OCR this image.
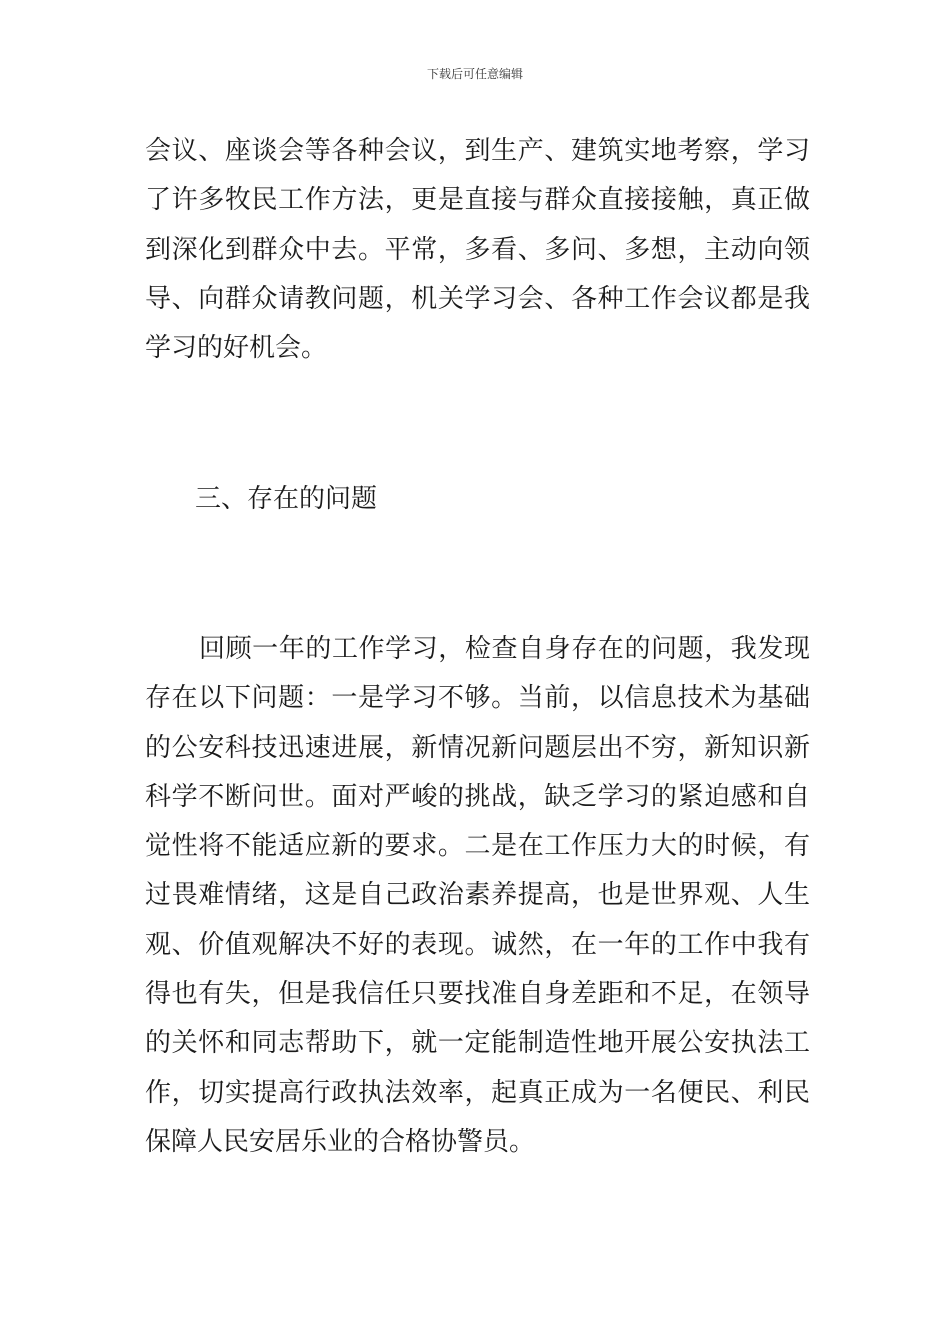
下载后可任意编辑
会议、座谈会等各种会议，到生产、建筑实地考察，学习
了许多牧民工作方法，更是直接与群众直接接触，真正做
到深化到群众中去。平常，多看、多问、多想，主动向领
导、向群众请教问题，机关学习会、各种工作会议都是我
学习的好机会。
三、存在的问题
回顾一年的工作学习，检查自身存在的问题，我发现
存在以下问题：一是学习不够。当前，以信息技术为基础
的公安科技迅速进展，新情况新问题层出不穷，新知识新
科学不断问世。面对严峻的挑战，缺乏学习的紧迫感和自
觉性将不能适应新的要求。二是在工作压力大的时候，有
过畏难情绪，这是自己政治素养提高，也是世界观、人生
观、价值观解决不好的表现。诚然，在一年的工作中我有
得也有失，但是我信任只要找准自身差距和不足，在领导
的关怀和同志帮助下，就一定能制造性地开展公安执法工
作，切实提高行政执法效率，起真正成为一名便民、利民
保障人民安居乐业的合格协警员。
